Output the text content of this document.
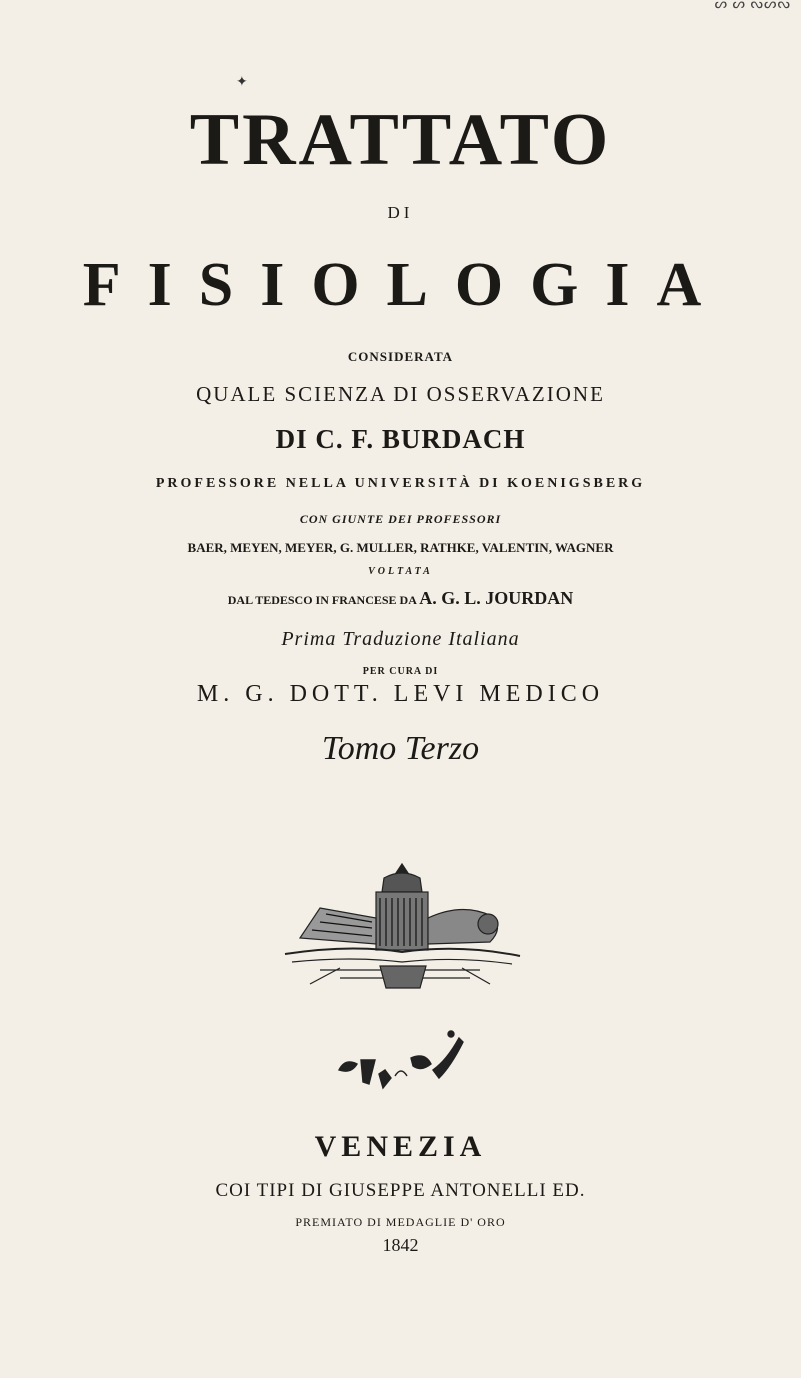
ᔕ ᔕ ᔓᔕᔓ
✦
TRATTATO
DI
FISIOLOGIA
CONSIDERATA
QUALE SCIENZA DI OSSERVAZIONE
DI C. F. BURDACH
PROFESSORE NELLA UNIVERSITÀ DI KOENIGSBERG
CON GIUNTE DEI PROFESSORI
BAER, MEYEN, MEYER, G. MULLER, RATHKE, VALENTIN, WAGNER
VOLTATA
DAL TEDESCO IN FRANCESE DA A. G. L. JOURDAN
Prima Traduzione Italiana
PER CURA DI
M. G. DOTT. LEVI MEDICO
Tomo Terzo
VENEZIA
COI TIPI DI GIUSEPPE ANTONELLI ED.
PREMIATO DI MEDAGLIE D' ORO
1842
